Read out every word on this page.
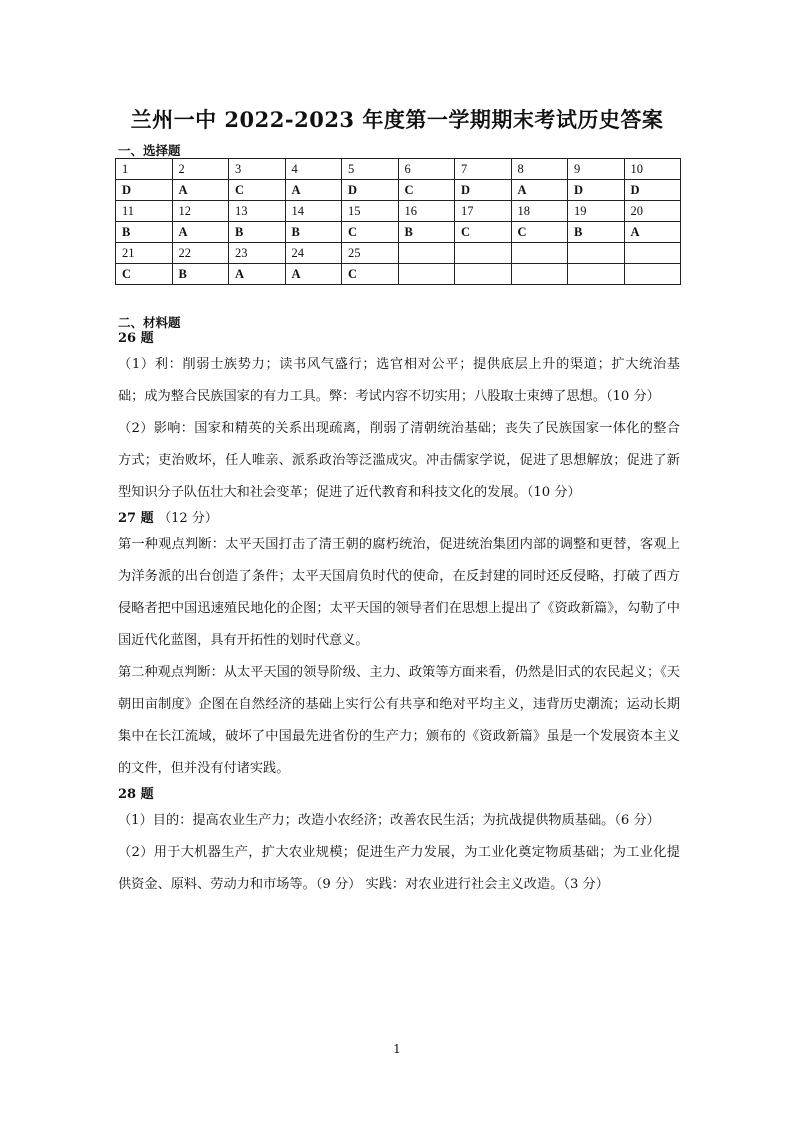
兰州一中 2022-2023 年度第一学期期末考试历史答案
一、选择题
1	2	3	4	5	6	7	8	9	10
D	A	C	A	D	C	D	A	D	D
11	12	13	14	15	16	17	18	19	20
B	A	B	B	C	B	C	C	B	A
21	22	23	24	25					
C	B	A	A	C					
二、材料题
26 题

（1）利：削弱士族势力；读书风气盛行；选官相对公平；提供底层上升的渠道；扩大统治基础；成为整合民族国家的有力工具。弊：考试内容不切实用；八股取士束缚了思想。（10 分）

（2）影响：国家和精英的关系出现疏离，削弱了清朝统治基础；丧失了民族国家一体化的整合方式；吏治败坏，任人唯亲、派系政治等泛滥成灾。冲击儒家学说，促进了思想解放；促进了新型知识分子队伍壮大和社会变革；促进了近代教育和科技文化的发展。（10 分）

27 题 （12 分）

第一种观点判断：太平天国打击了清王朝的腐朽统治，促进统治集团内部的调整和更替，客观上为洋务派的出台创造了条件；太平天国肩负时代的使命，在反封建的同时还反侵略，打破了西方侵略者把中国迅速殖民地化的企图；太平天国的领导者们在思想上提出了《资政新篇》，勾勒了中国近代化蓝图，具有开拓性的划时代意义。

第二种观点判断：从太平天国的领导阶级、主力、政策等方面来看，仍然是旧式的农民起义；《天朝田亩制度》企图在自然经济的基础上实行公有共享和绝对平均主义，违背历史潮流；运动长期集中在长江流域，破坏了中国最先进省份的生产力；颁布的《资政新篇》虽是一个发展资本主义的文件，但并没有付诸实践。

28 题

（1）目的：提高农业生产力；改造小农经济；改善农民生活；为抗战提供物质基础。（6 分）

（2）用于大机器生产，扩大农业规模；促进生产力发展，为工业化奠定物质基础；为工业化提供资金、原料、劳动力和市场等。（9 分） 实践：对农业进行社会主义改造。（3 分）

1
